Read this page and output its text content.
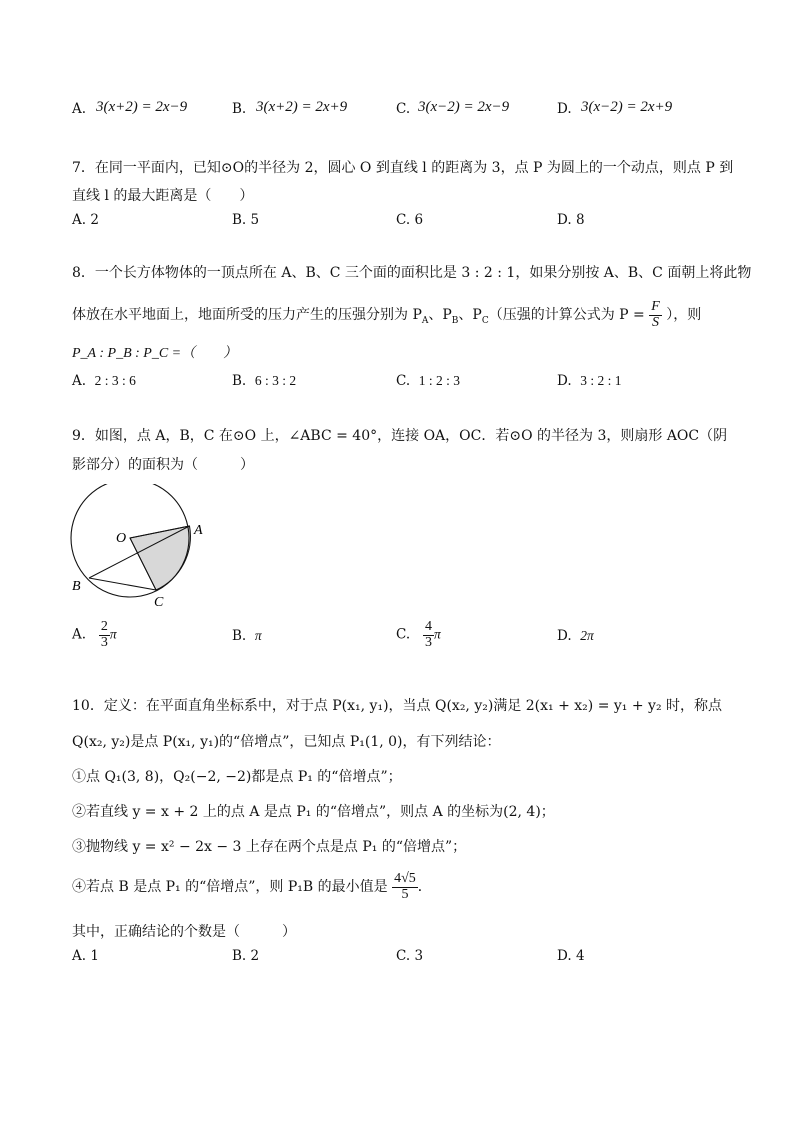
A. 3(x+2) = 2x−9	B. 3(x+2) = 2x+9	C. 3(x−2) = 2x−9	D. 3(x−2) = 2x+9
7．在同一平面内，已知⊙O的半径为 2，圆心 O 到直线 l 的距离为 3，点 P 为圆上的一个动点，则点 P 到
直线 l 的最大距离是（　　）
A. 2	B. 5	C. 6	D. 8
8．一个长方体物体的一顶点所在 A、B、C 三个面的面积比是 3 : 2 : 1，如果分别按 A、B、C 面朝上将此物
体放在水平地面上，地面所受的压力产生的压强分别为 $P_A$、$P_B$、$P_C$（压强的计算公式为 $P = \frac{F}{S}$ ），则
P_A : P_B : P_C =（　　）
A. 2 : 3 : 6	B. 6 : 3 : 2	C. 1 : 2 : 3	D. 3 : 2 : 1
9．如图，点 A，B，C 在⊙O 上，∠ABC = 40°，连接 OA，OC．若⊙O 的半径为 3，则扇形 AOC（阴
影部分）的面积为（　　　）
O
A
B
C
A. $\frac{2}{3}$ π	B. π	C. $\frac{4}{3}$ π	D. 2π
10．定义：在平面直角坐标系中，对于点 P(x₁, y₁)，当点 Q(x₂, y₂)满足 2(x₁ + x₂) = y₁ + y₂ 时，称点
Q(x₂, y₂)是点 P(x₁, y₁)的“倍增点”，已知点 P₁(1, 0)，有下列结论：
①点 Q₁(3, 8)，Q₂(−2, −2)都是点 P₁ 的“倍增点”；
②若直线 y = x + 2 上的点 A 是点 P₁ 的“倍增点”，则点 A 的坐标为(2, 4)；
③抛物线 y = x² − 2x − 3 上存在两个点是点 P₁ 的“倍增点”；
④若点 B 是点 P₁ 的“倍增点”，则 P₁B 的最小值是 $\frac{4√5}{5}$ ．
其中，正确结论的个数是（　　　）
A. 1	B. 2	C. 3	D. 4
